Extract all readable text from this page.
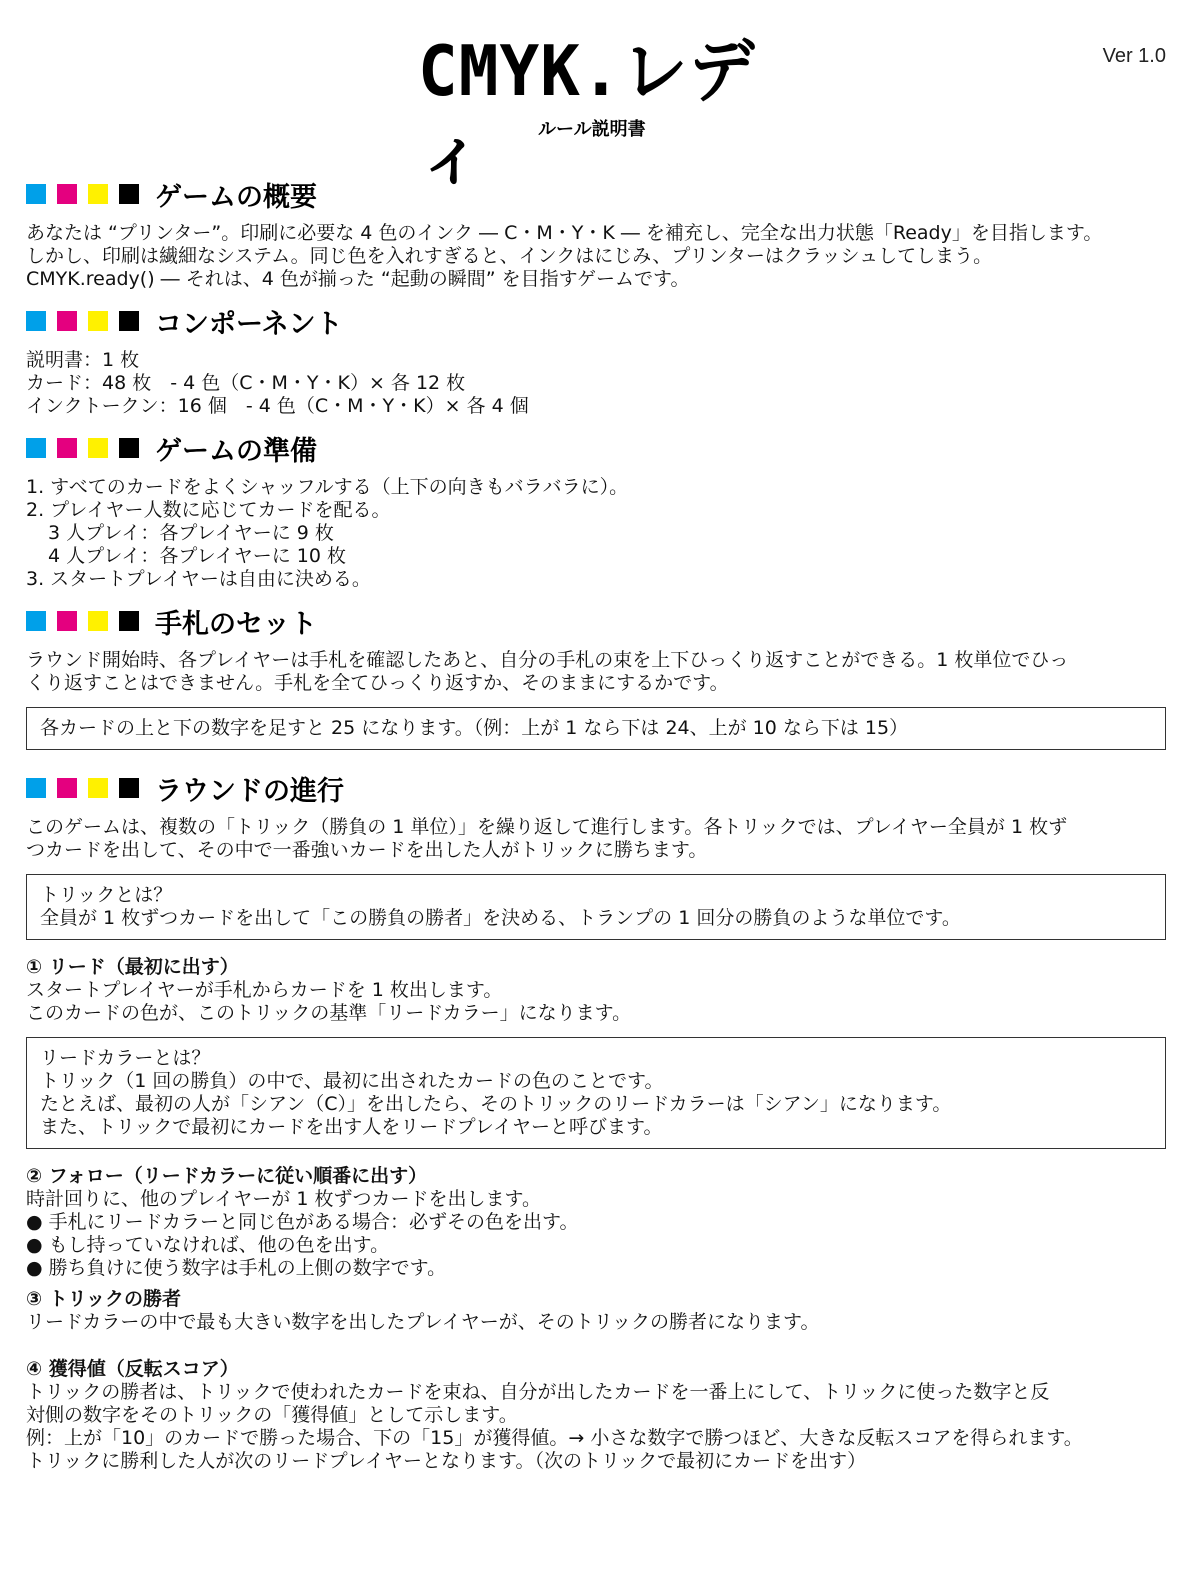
CMYK.レディ	ルール説明書
Ver 1.0
ゲームの概要

あなたは “プリンター”。印刷に必要な 4 色のインク ― C・M・Y・K ― を補充し、完全な出力状態「Ready」を目指します。

しかし、印刷は繊細なシステム。同じ色を入れすぎると、インクはにじみ、プリンターはクラッシュしてしまう。

CMYK.ready() ― それは、4 色が揃った “起動の瞬間” を目指すゲームです。

コンポーネント

説明書：1 枚

カード：48 枚　- 4 色（C・M・Y・K）× 各 12 枚

インクトークン：16 個　- 4 色（C・M・Y・K）× 各 4 個

ゲームの準備

1. すべてのカードをよくシャッフルする（上下の向きもバラバラに）。

2. プレイヤー人数に応じてカードを配る。

3 人プレイ：各プレイヤーに 9 枚

4 人プレイ：各プレイヤーに 10 枚

3. スタートプレイヤーは自由に決める。

手札のセット

ラウンド開始時、各プレイヤーは手札を確認したあと、自分の手札の束を上下ひっくり返すことができる。1 枚単位でひっ

くり返すことはできません。手札を全てひっくり返すか、そのままにするかです。

各カードの上と下の数字を足すと 25 になります。（例：上が 1 なら下は 24、上が 10 なら下は 15）

ラウンドの進行

このゲームは、複数の「トリック（勝負の 1 単位）」を繰り返して進行します。各トリックでは、プレイヤー全員が 1 枚ず

つカードを出して、その中で一番強いカードを出した人がトリックに勝ちます。

トリックとは？

全員が 1 枚ずつカードを出して「この勝負の勝者」を決める、トランプの 1 回分の勝負のような単位です。

① リード（最初に出す）

スタートプレイヤーが手札からカードを 1 枚出します。

このカードの色が、このトリックの基準「リードカラー」になります。

リードカラーとは？

トリック（1 回の勝負）の中で、最初に出されたカードの色のことです。

たとえば、最初の人が「シアン（C）」を出したら、そのトリックのリードカラーは「シアン」になります。

また、トリックで最初にカードを出す人をリードプレイヤーと呼びます。

② フォロー（リードカラーに従い順番に出す）

時計回りに、他のプレイヤーが 1 枚ずつカードを出します。

● 手札にリードカラーと同じ色がある場合：必ずその色を出す。

● もし持っていなければ、他の色を出す。

● 勝ち負けに使う数字は手札の上側の数字です。

③ トリックの勝者

リードカラーの中で最も大きい数字を出したプレイヤーが、そのトリックの勝者になります。

④ 獲得値（反転スコア）

トリックの勝者は、トリックで使われたカードを束ね、自分が出したカードを一番上にして、トリックに使った数字と反

対側の数字をそのトリックの「獲得値」として示します。

例：上が「10」のカードで勝った場合、下の「15」が獲得値。→ 小さな数字で勝つほど、大きな反転スコアを得られます。

トリックに勝利した人が次のリードプレイヤーとなります。（次のトリックで最初にカードを出す）
